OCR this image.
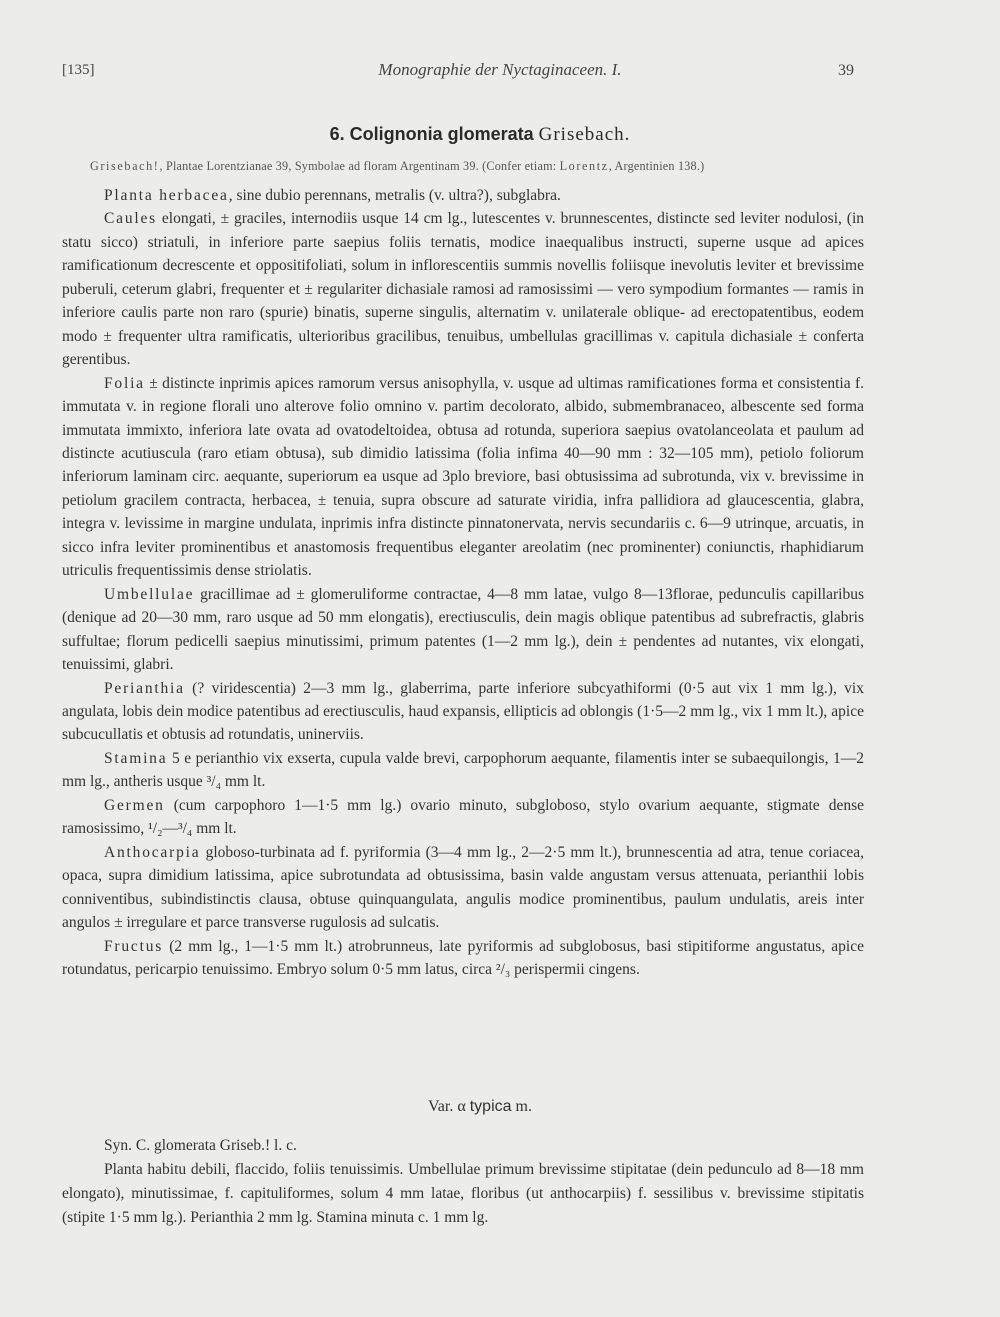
[135]	Monographie der Nyctaginaceen. I.	39
6. Colignonia glomerata Grisebach.
Grisebach!, Plantae Lorentzianae 39, Symbolae ad floram Argentinam 39. (Confer etiam: Lorentz, Argentinien 138.)

Planta herbacea, sine dubio perennans, metralis (v. ultra?), subglabra.

Caules elongati, ± graciles, internodiis usque 14 cm lg., lutescentes v. brunnescentes, distincte sed leviter nodulosi, (in statu sicco) striatuli, in inferiore parte saepius foliis ternatis, modice inaequalibus instructi, superne usque ad apices ramificationum decrescente et oppositifoliati, solum in inflorescentiis summis novellis foliisque inevolutis leviter et brevissime puberuli, ceterum glabri, frequenter et ± regulariter dichasiale ramosi ad ramosissimi — vero sympodium formantes — ramis in inferiore caulis parte non raro (spurie) binatis, superne singulis, alternatim v. unilaterale oblique- ad erectopatentibus, eodem modo ± frequenter ultra ramificatis, ulterioribus gracilibus, tenuibus, umbellulas gracillimas v. capitula dichasiale ± conferta gerentibus.

Folia ± distincte inprimis apices ramorum versus anisophylla, v. usque ad ultimas ramificationes forma et consistentia f. immutata v. in regione florali uno alterove folio omnino v. partim decolorato, albido, submembranaceo, albescente sed forma immutata immixto, inferiora late ovata ad ovatodeltoidea, obtusa ad rotunda, superiora saepius ovatolanceolata et paulum ad distincte acutiuscula (raro etiam obtusa), sub dimidio latissima (folia infima 40—90 mm : 32—105 mm), petiolo foliorum inferiorum laminam circ. aequante, superiorum ea usque ad 3plo breviore, basi obtusissima ad subrotunda, vix v. brevissime in petiolum gracilem contracta, herbacea, ± tenuia, supra obscure ad saturate viridia, infra pallidiora ad glaucescentia, glabra, integra v. levissime in margine undulata, inprimis infra distincte pinnatonervata, nervis secundariis c. 6—9 utrinque, arcuatis, in sicco infra leviter prominentibus et anastomosis frequentibus eleganter areolatim (nec prominenter) coniunctis, rhaphidiarum utriculis frequentissimis dense striolatis.

Umbellulae gracillimae ad ± glomeruliforme contractae, 4—8 mm latae, vulgo 8—13florae, pedunculis capillaribus (denique ad 20—30 mm, raro usque ad 50 mm elongatis), erectiusculis, dein magis oblique patentibus ad subrefractis, glabris suffultae; florum pedicelli saepius minutissimi, primum patentes (1—2 mm lg.), dein ± pendentes ad nutantes, vix elongati, tenuissimi, glabri.

Perianthia (? viridescentia) 2—3 mm lg., glaberrima, parte inferiore subcyathiformi (0·5 aut vix 1 mm lg.), vix angulata, lobis dein modice patentibus ad erectiusculis, haud expansis, ellipticis ad oblongis (1·5—2 mm lg., vix 1 mm lt.), apice subcucullatis et obtusis ad rotundatis, uninerviis.

Stamina 5 e perianthio vix exserta, cupula valde brevi, carpophorum aequante, filamentis inter se subaequilongis, 1—2 mm lg., antheris usque ³/₄ mm lt.

Germen (cum carpophoro 1—1·5 mm lg.) ovario minuto, subgloboso, stylo ovarium aequante, stigmate dense ramosissimo, ¹/₂—³/₄ mm lt.

Anthocarpia globoso-turbinata ad f. pyriformia (3—4 mm lg., 2—2·5 mm lt.), brunnescentia ad atra, tenue coriacea, opaca, supra dimidium latissima, apice subrotundata ad obtusissima, basin valde angustam versus attenuata, perianthii lobis conniventibus, subindistinctis clausa, obtuse quinquangulata, angulis modice prominentibus, paulum undulatis, areis inter angulos ± irregulare et parce transverse rugulosis ad sulcatis.

Fructus (2 mm lg., 1—1·5 mm lt.) atrobrunneus, late pyriformis ad subglobosus, basi stipitiforme angustatus, apice rotundatus, pericarpio tenuissimo. Embryo solum 0·5 mm latus, circa ²/₃ perispermii cingens.

Var. α typica m.

Syn. C. glomerata Griseb.! l. c.

Planta habitu debili, flaccido, foliis tenuissimis. Umbellulae primum brevissime stipitatae (dein pedunculo ad 8—18 mm elongato), minutissimae, f. capituliformes, solum 4 mm latae, floribus (ut anthocarpiis) f. sessilibus v. brevissime stipitatis (stipite 1·5 mm lg.). Perianthia 2 mm lg. Stamina minuta c. 1 mm lg.
